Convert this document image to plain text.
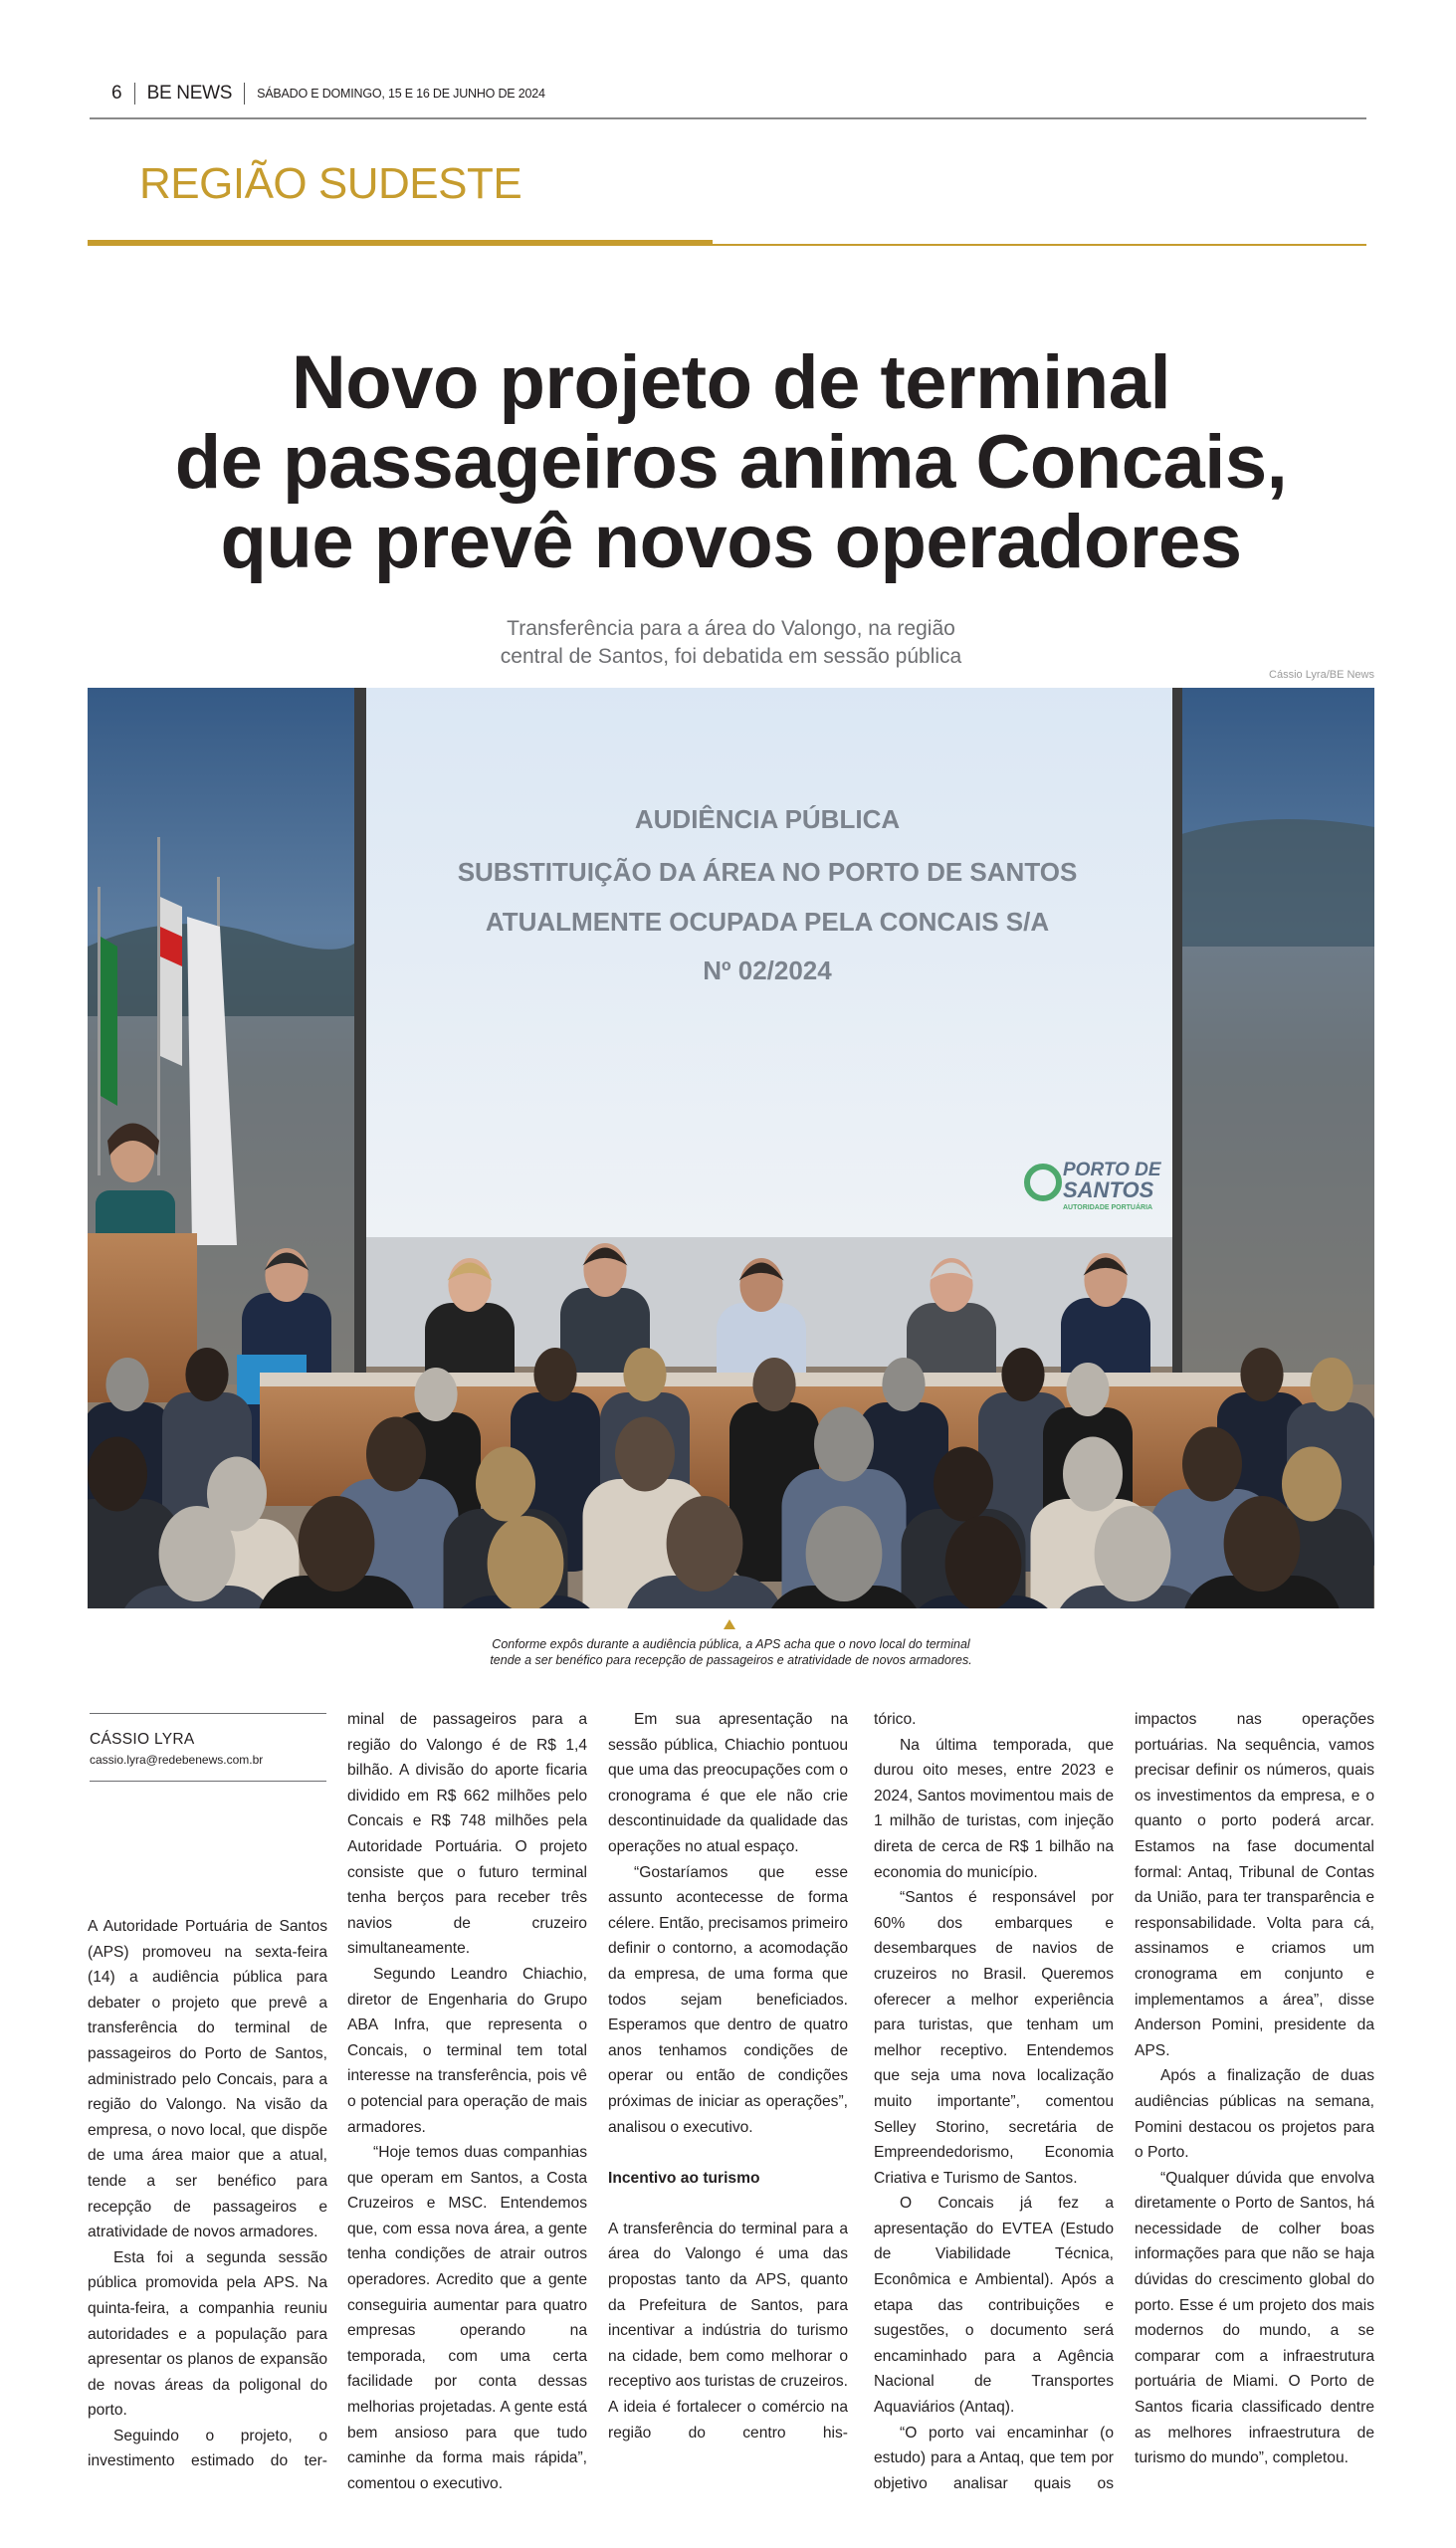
6 BE NEWS SÁBADO E DOMINGO, 15 E 16 DE JUNHO DE 2024
REGIÃO SUDESTE
Novo projeto de terminal
de passageiros anima Concais,
que prevê novos operadores
Transferência para a área do Valongo, na região
central de Santos, foi debatida em sessão pública
Cássio Lyra/BE News
AUDIÊNCIA PÚBLICA
SUBSTITUIÇÃO DA ÁREA NO PORTO DE SANTOS
ATUALMENTE OCUPADA PELA CONCAIS S/A
Nº 02/2024
PORTO DE
SANTOS
AUTORIDADE PORTUÁRIA
Conforme expôs durante a audiência pública, a APS acha que o novo local do terminal
tende a ser benéfico para recepção de passageiros e atratividade de novos armadores.
CÁSSIO LYRA
cassio.lyra@redebenews.com.br

A Autoridade Portuária de Santos (APS) promoveu na sexta-feira (14) a audiência pública para debater o projeto que prevê a transferência do terminal de passageiros do Porto de Santos, administrado pelo Concais, para a região do Valongo. Na visão da empresa, o novo local, que dispõe de uma área maior que a atual, tende a ser benéfico para recepção de passageiros e atratividade de novos armadores.

Esta foi a segunda sessão pública promovida pela APS. Na quinta-feira, a companhia reuniu autoridades e a população para apresentar os planos de expansão de novas áreas da poligonal do porto.

Seguindo o projeto, o investimento estimado do ter-

minal de passageiros para a região do Valongo é de R$ 1,4 bilhão. A divisão do aporte ficaria dividido em R$ 662 milhões pelo Concais e R$ 748 milhões pela Autoridade Portuária. O projeto consiste que o futuro terminal tenha berços para receber três navios de cruzeiro simultaneamente.

Segundo Leandro Chiachio, diretor de Engenharia do Grupo ABA Infra, que representa o Concais, o terminal tem total interesse na transferência, pois vê o potencial para operação de mais armadores.

“Hoje temos duas companhias que operam em Santos, a Costa Cruzeiros e MSC. Entendemos que, com essa nova área, a gente tenha condições de atrair outros operadores. Acredito que a gente conseguiria aumentar para quatro empresas operando na temporada, com uma certa facilidade por conta dessas melhorias projetadas. A gente está bem ansioso para que tudo caminhe da forma mais rápida”, comentou o executivo.

Em sua apresentação na sessão pública, Chiachio pontuou que uma das preocupações com o cronograma é que ele não crie descontinuidade da qualidade das operações no atual espaço.

“Gostaríamos que esse assunto acontecesse de forma célere. Então, precisamos primeiro definir o contorno, a acomodação da empresa, de uma forma que todos sejam beneficiados. Esperamos que dentro de quatro anos tenhamos condições de operar ou então de condições próximas de iniciar as operações”, analisou o executivo.

Incentivo ao turismo

A transferência do terminal para a área do Valongo é uma das propostas tanto da APS, quanto da Prefeitura de Santos, para incentivar a indústria do turismo na cidade, bem como melhorar o receptivo aos turistas de cruzeiros. A ideia é fortalecer o comércio na região do centro his-

tórico.

Na última temporada, que durou oito meses, entre 2023 e 2024, Santos movimentou mais de 1 milhão de turistas, com injeção direta de cerca de R$ 1 bilhão na economia do município.

“Santos é responsável por 60% dos embarques e desembarques de navios de cruzeiros no Brasil. Queremos oferecer a melhor experiência para turistas, que tenham um melhor receptivo. Entendemos que seja uma nova localização muito importante”, comentou Selley Storino, secretária de Empreendedorismo, Economia Criativa e Turismo de Santos.

O Concais já fez a apresentação do EVTEA (Estudo de Viabilidade Técnica, Econômica e Ambiental). Após a etapa das contribuições e sugestões, o documento será encaminhado para a Agência Nacional de Transportes Aquaviários (Antaq).

“O porto vai encaminhar (o estudo) para a Antaq, que tem por objetivo analisar quais os

impactos nas operações portuárias. Na sequência, vamos precisar definir os números, quais os investimentos da empresa, e o quanto o porto poderá arcar. Estamos na fase documental formal: Antaq, Tribunal de Contas da União, para ter transparência e responsabilidade. Volta para cá, assinamos e criamos um cronograma em conjunto e implementamos a área”, disse Anderson Pomini, presidente da APS.

Após a finalização de duas audiências públicas na semana, Pomini destacou os projetos para o Porto.

“Qualquer dúvida que envolva diretamente o Porto de Santos, há necessidade de colher boas informações para que não se haja dúvidas do crescimento global do porto. Esse é um projeto dos mais modernos do mundo, a se comparar com a infraestrutura portuária de Miami. O Porto de Santos ficaria classificado dentre as melhores infraestrutura de turismo do mundo”, completou.
